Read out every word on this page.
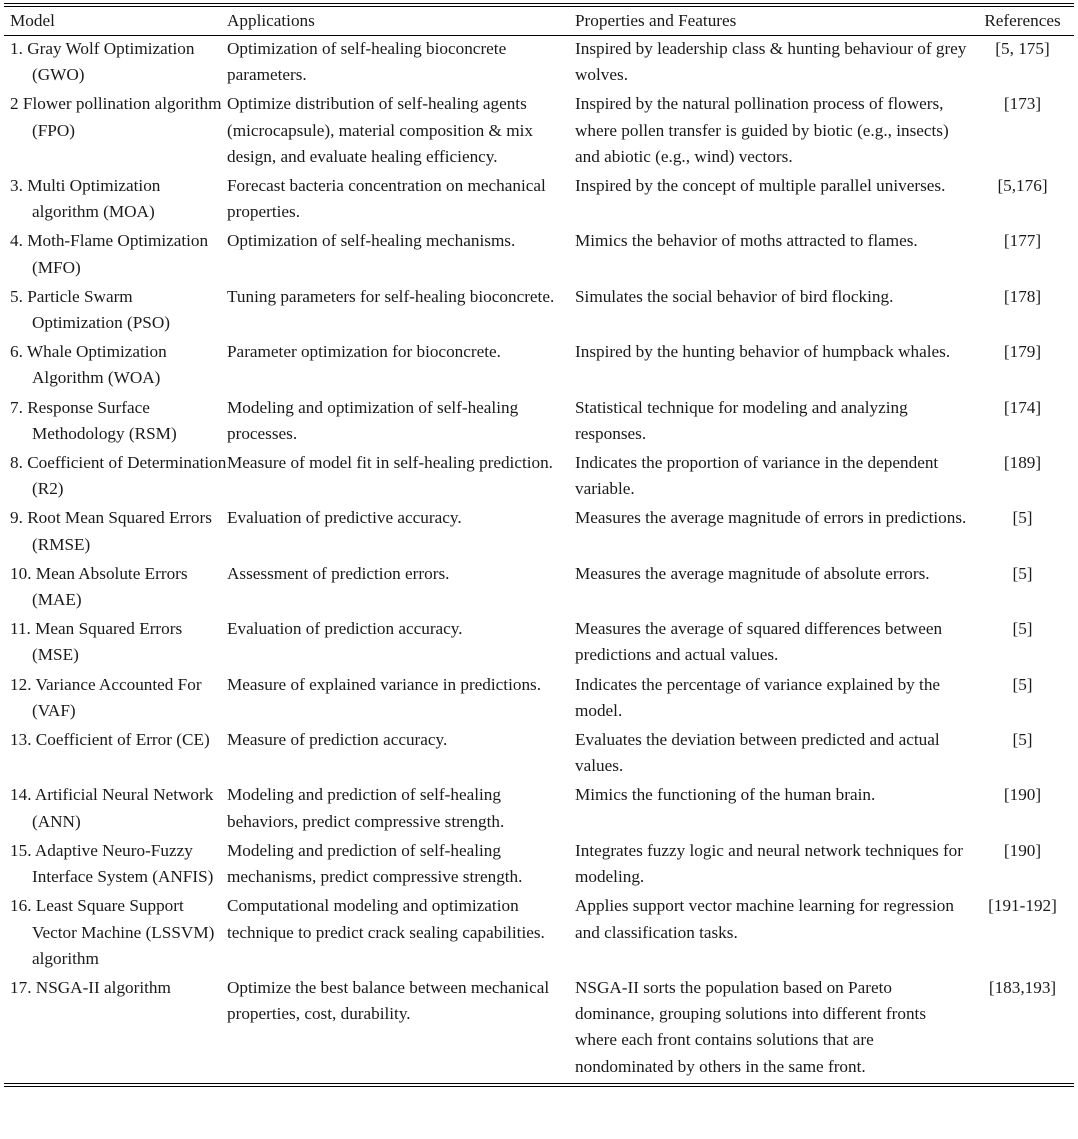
Model	Applications	Properties and Features	References

1. Gray Wolf Optimization (GWO)	Optimization of self-healing bioconcrete parameters.	Inspired by leadership class & hunting behaviour of grey wolves.	[5, 175]

2 Flower pollination algorithm (FPO)	Optimize distribution of self-healing agents (microcapsule), material composition & mix design, and evaluate healing efficiency.	Inspired by the natural pollination process of flowers, where pollen transfer is guided by biotic (e.g., insects) and abiotic (e.g., wind) vectors.	[173]

3. Multi Optimization algorithm (MOA)	Forecast bacteria concentration on mechanical properties.	Inspired by the concept of multiple parallel universes.	[5,176]

4. Moth-Flame Optimization (MFO)	Optimization of self-healing mechanisms.	Mimics the behavior of moths attracted to flames.	[177]

5. Particle Swarm Optimization (PSO)	Tuning parameters for self-healing bioconcrete.	Simulates the social behavior of bird flocking.	[178]

6. Whale Optimization Algorithm (WOA)	Parameter optimization for bioconcrete.	Inspired by the hunting behavior of humpback whales.	[179]

7. Response Surface Methodology (RSM)	Modeling and optimization of self-healing processes.	Statistical technique for modeling and analyzing responses.	[174]

8. Coefficient of Determination (R2)	Measure of model fit in self-healing prediction.	Indicates the proportion of variance in the dependent variable.	[189]

9. Root Mean Squared Errors (RMSE)	Evaluation of predictive accuracy.	Measures the average magnitude of errors in predictions.	[5]

10. Mean Absolute Errors (MAE)	Assessment of prediction errors.	Measures the average magnitude of absolute errors.	[5]

11. Mean Squared Errors (MSE)	Evaluation of prediction accuracy.	Measures the average of squared differences between predictions and actual values.	[5]

12. Variance Accounted For (VAF)	Measure of explained variance in predictions.	Indicates the percentage of variance explained by the model.	[5]

13. Coefficient of Error (CE)	Measure of prediction accuracy.	Evaluates the deviation between predicted and actual values.	[5]

14. Artificial Neural Network (ANN)	Modeling and prediction of self-healing behaviors, predict compressive strength.	Mimics the functioning of the human brain.	[190]

15. Adaptive Neuro-Fuzzy Interface System (ANFIS)	Modeling and prediction of self-healing mechanisms, predict compressive strength.	Integrates fuzzy logic and neural network techniques for modeling.	[190]

16. Least Square Support Vector Machine (LSSVM) algorithm	Computational modeling and optimization technique to predict crack sealing capabilities.	Applies support vector machine learning for regression and classification tasks.	[191-192]

17. NSGA-II algorithm	Optimize the best balance between mechanical properties, cost, durability.	NSGA-II sorts the population based on Pareto dominance, grouping solutions into different fronts where each front contains solutions that are nondominated by others in the same front.	[183,193]
